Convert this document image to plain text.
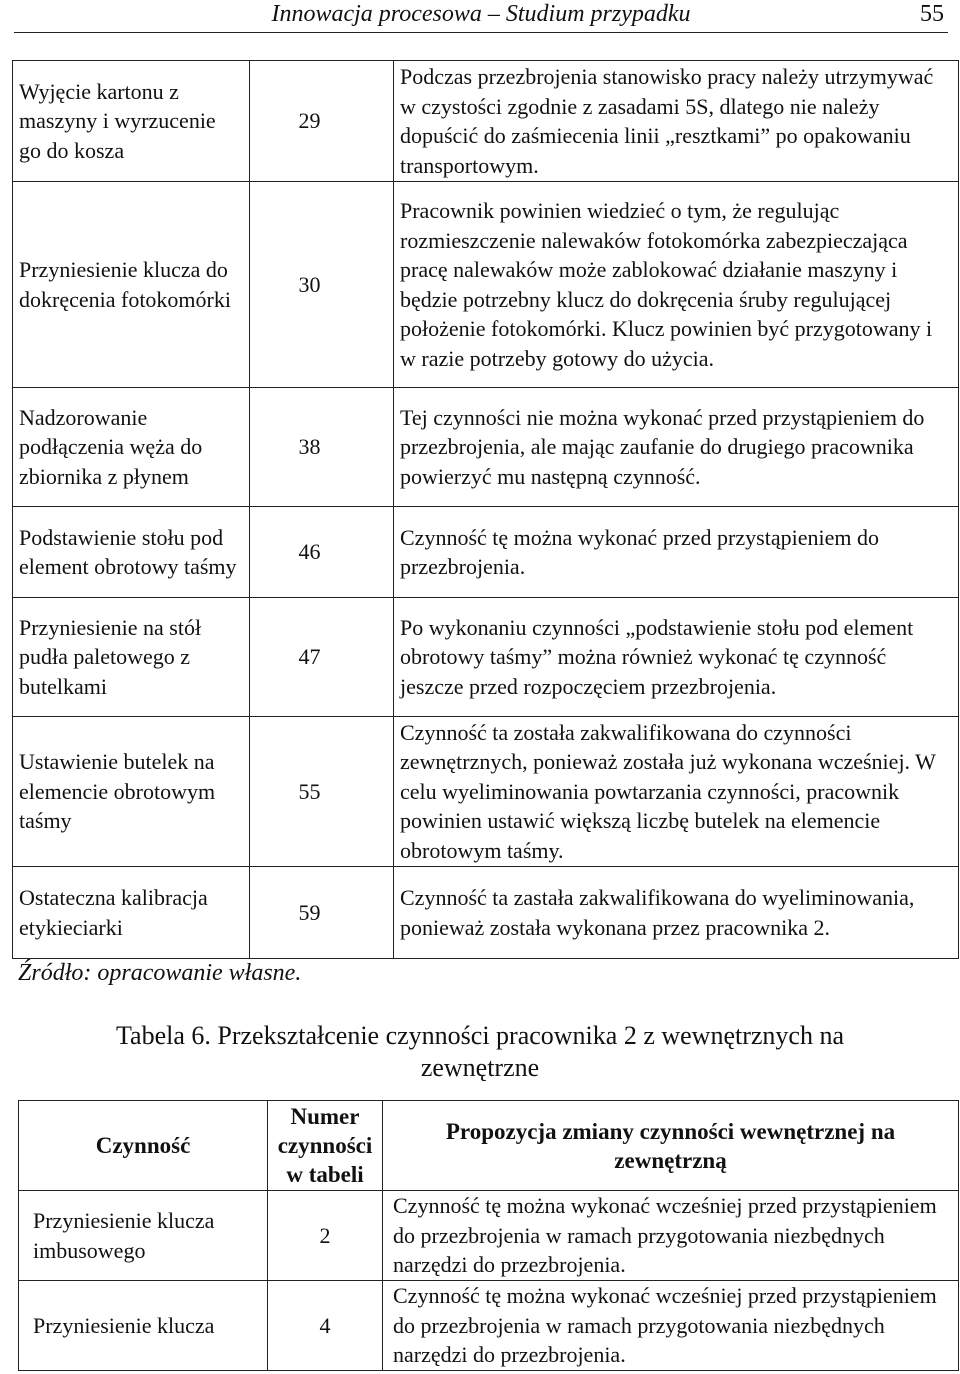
Innowacja procesowa – Studium przypadku	55
Wyjęcie kartonu z maszyny i wyrzucenie go do kosza	29	Podczas przezbrojenia stanowisko pracy należy utrzymywać w czystości zgodnie z zasadami 5S, dlatego nie należy dopuścić do zaśmiecenia linii „resztkami” po opakowaniu transportowym.
Przyniesienie klucza do dokręcenia fotokomórki	30	Pracownik powinien wiedzieć o tym, że regulując rozmieszczenie nalewaków fotokomórka zabezpieczająca pracę nalewaków może zablokować działanie maszyny i będzie potrzebny klucz do dokręcenia śruby regulującej położenie fotokomórki. Klucz powinien być przygotowany i w razie potrzeby gotowy do użycia.
Nadzorowanie podłączenia węża do zbiornika z płynem	38	Tej czynności nie można wykonać przed przystąpieniem do przezbrojenia, ale mając zaufanie do drugiego pracownika powierzyć mu następną czynność.
Podstawienie stołu pod element obrotowy taśmy	46	Czynność tę można wykonać przed przystąpieniem do przezbrojenia.
Przyniesienie na stół pudła paletowego z butelkami	47	Po wykonaniu czynności „podstawienie stołu pod element obrotowy taśmy” można również wykonać tę czynność jeszcze przed rozpoczęciem przezbrojenia.
Ustawienie butelek na elemencie obrotowym taśmy	55	Czynność ta została zakwalifikowana do czynności zewnętrznych, ponieważ została już wykonana wcześniej. W celu wyeliminowania powtarzania czynności, pracownik powinien ustawić większą liczbę butelek na elemencie obrotowym taśmy.
Ostateczna kalibracja etykieciarki	59	Czynność ta zastała zakwalifikowana do wyeliminowania, ponieważ została wykonana przez pracownika 2.
Źródło: opracowanie własne.
Tabela 6. Przekształcenie czynności pracownika 2 z wewnętrznych na zewnętrzne
Czynność	Numer czynności w tabeli	Propozycja zmiany czynności wewnętrznej na zewnętrzną
Przyniesienie klucza imbusowego	2	Czynność tę można wykonać wcześniej przed przystąpieniem do przezbrojenia w ramach przygotowania niezbędnych narzędzi do przezbrojenia.
Przyniesienie klucza	4	Czynność tę można wykonać wcześniej przed przystąpieniem do przezbrojenia w ramach przygotowania niezbędnych narzędzi do przezbrojenia.
